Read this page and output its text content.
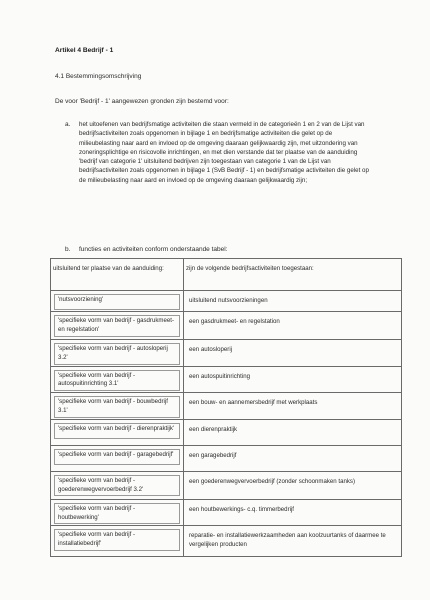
Artikel 4 Bedrijf - 1
4.1 Bestemmingsomschrijving
De voor 'Bedrijf - 1' aangewezen gronden zijn bestemd voor:
a. het uitoefenen van bedrijfsmatige activiteiten die staan vermeld in de categorieën 1 en 2 van de Lijst van bedrijfsactiviteiten zoals opgenomen in bijlage 1 en bedrijfsmatige activiteiten die gelet op de milieubelasting naar aard en invloed op de omgeving daaraan gelijkwaardig zijn, met uitzondering van zoneringsplichtige en risicovolle inrichtingen, en met dien verstande dat ter plaatse van de aanduiding 'bedrijf van categorie 1' uitsluitend bedrijven zijn toegestaan van categorie 1 van de Lijst van bedrijfsactiviteiten zoals opgenomen in bijlage 1 (SvB Bedrijf - 1) en bedrijfsmatige activiteiten die gelet op de milieubelasting naar aard en invloed op de omgeving daaraan gelijkwaardig zijn;
b. functies en activiteiten conform onderstaande tabel:
uitsluitend ter plaatse van de aanduiding:	zijn de volgende bedrijfsactiviteiten toegestaan:

'nutsvoorziening'	uitsluitend nutsvoorzieningen

'specifieke vorm van bedrijf - gasdrukmeet- en regelstation'	een gasdrukmeet- en regelstation

'specifieke vorm van bedrijf - autosloperij 3.2'	een autosloperij

'specifieke vorm van bedrijf - autospuitinrichting 3.1'	een autospuitinrichting

'specifieke vorm van bedrijf - bouwbedrijf 3.1'	een bouw- en aannemersbedrijf met werkplaats

'specifieke vorm van bedrijf - dierenpraktijk'	een dierenpraktijk

'specifieke vorm van bedrijf - garagebedrijf'	een garagebedrijf

'specifieke vorm van bedrijf - goederenwegvervoerbedrijf 3.2'	een goederenwegvervoerbedrijf (zonder schoonmaken tanks)

'specifieke vorm van bedrijf - houtbewerking'	een houtbewerkings- c.q. timmerbedrijf

'specifieke vorm van bedrijf - installatiebedrijf'	reparatie- en installatiewerkzaamheden aan koolzuurtanks of daarmee te vergelijken producten
